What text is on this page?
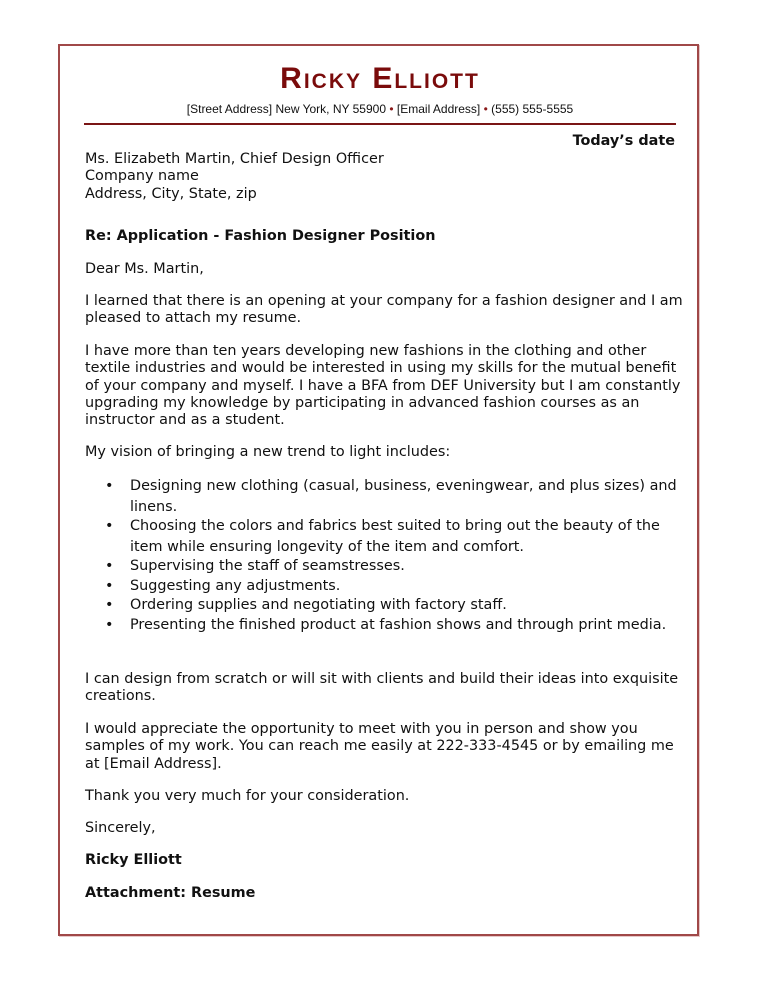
Ricky Elliott
[Street Address] New York, NY 55900 • [Email Address] • (555) 555-5555
Today’s date
Ms. Elizabeth Martin, Chief Design Officer
Company name
Address, City, State, zip
Re: Application - Fashion Designer Position
Dear Ms. Martin,
I learned that there is an opening at your company for a fashion designer and I am pleased to attach my resume.
I have more than ten years developing new fashions in the clothing and other textile industries and would be interested in using my skills for the mutual benefit of your company and myself. I have a BFA from DEF University but I am constantly upgrading my knowledge by participating in advanced fashion courses as an instructor and as a student.
My vision of bringing a new trend to light includes:
• Designing new clothing (casual, business, eveningwear, and plus sizes) and linens.
• Choosing the colors and fabrics best suited to bring out the beauty of the item while ensuring longevity of the item and comfort.
• Supervising the staff of seamstresses.
• Suggesting any adjustments.
• Ordering supplies and negotiating with factory staff.
• Presenting the finished product at fashion shows and through print media.
I can design from scratch or will sit with clients and build their ideas into exquisite creations.
I would appreciate the opportunity to meet with you in person and show you samples of my work. You can reach me easily at 222-333-4545 or by emailing me at [Email Address].
Thank you very much for your consideration.
Sincerely,
Ricky Elliott
Attachment: Resume
